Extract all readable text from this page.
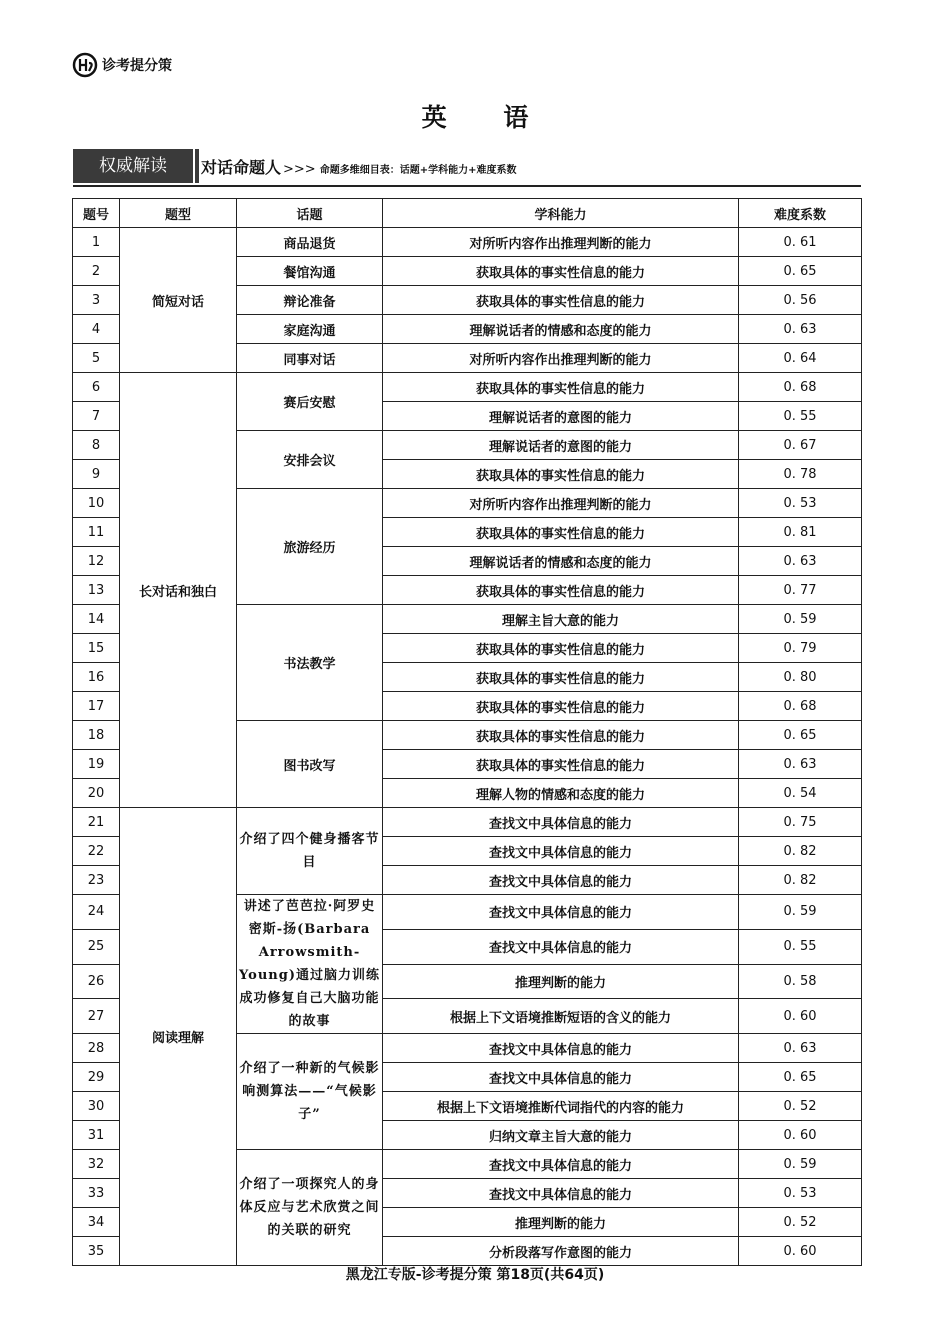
诊考提分策
英 语
权威解读	对话命题人 >>> 命题多维细目表：话题+学科能力+难度系数
题号	题型	话题	学科能力	难度系数
1	简短对话	商品退货	对所听内容作出推理判断的能力	0. 61
2		餐馆沟通	获取具体的事实性信息的能力	0. 65
3		辩论准备	获取具体的事实性信息的能力	0. 56
4		家庭沟通	理解说话者的情感和态度的能力	0. 63
5		同事对话	对所听内容作出推理判断的能力	0. 64
6	长对话和独白	赛后安慰	获取具体的事实性信息的能力	0. 68
7			理解说话者的意图的能力	0. 55
8		安排会议	理解说话者的意图的能力	0. 67
9			获取具体的事实性信息的能力	0. 78
10		旅游经历	对所听内容作出推理判断的能力	0. 53
11			获取具体的事实性信息的能力	0. 81
12			理解说话者的情感和态度的能力	0. 63
13			获取具体的事实性信息的能力	0. 77
14		书法教学	理解主旨大意的能力	0. 59
15			获取具体的事实性信息的能力	0. 79
16			获取具体的事实性信息的能力	0. 80
17			获取具体的事实性信息的能力	0. 68
18		图书改写	获取具体的事实性信息的能力	0. 65
19			获取具体的事实性信息的能力	0. 63
20			理解人物的情感和态度的能力	0. 54
21	阅读理解	介绍了四个健身播客节目	查找文中具体信息的能力	0. 75
22			查找文中具体信息的能力	0. 82
23			查找文中具体信息的能力	0. 82
24		讲述了芭芭拉·阿罗史密斯-扬(Barbara Arrowsmith-Young)通过脑力训练成功修复自己大脑功能的故事	查找文中具体信息的能力	0. 59
25			查找文中具体信息的能力	0. 55
26			推理判断的能力	0. 58
27			根据上下文语境推断短语的含义的能力	0. 60
28		介绍了一种新的气候影响测算法——“气候影子”	查找文中具体信息的能力	0. 63
29			查找文中具体信息的能力	0. 65
30			根据上下文语境推断代词指代的内容的能力	0. 52
31			归纳文章主旨大意的能力	0. 60
32		介绍了一项探究人的身体反应与艺术欣赏之间的关联的研究	查找文中具体信息的能力	0. 59
33			查找文中具体信息的能力	0. 53
34			推理判断的能力	0. 52
35			分析段落写作意图的能力	0. 60
黑龙江专版-诊考提分策 第18页(共64页)
